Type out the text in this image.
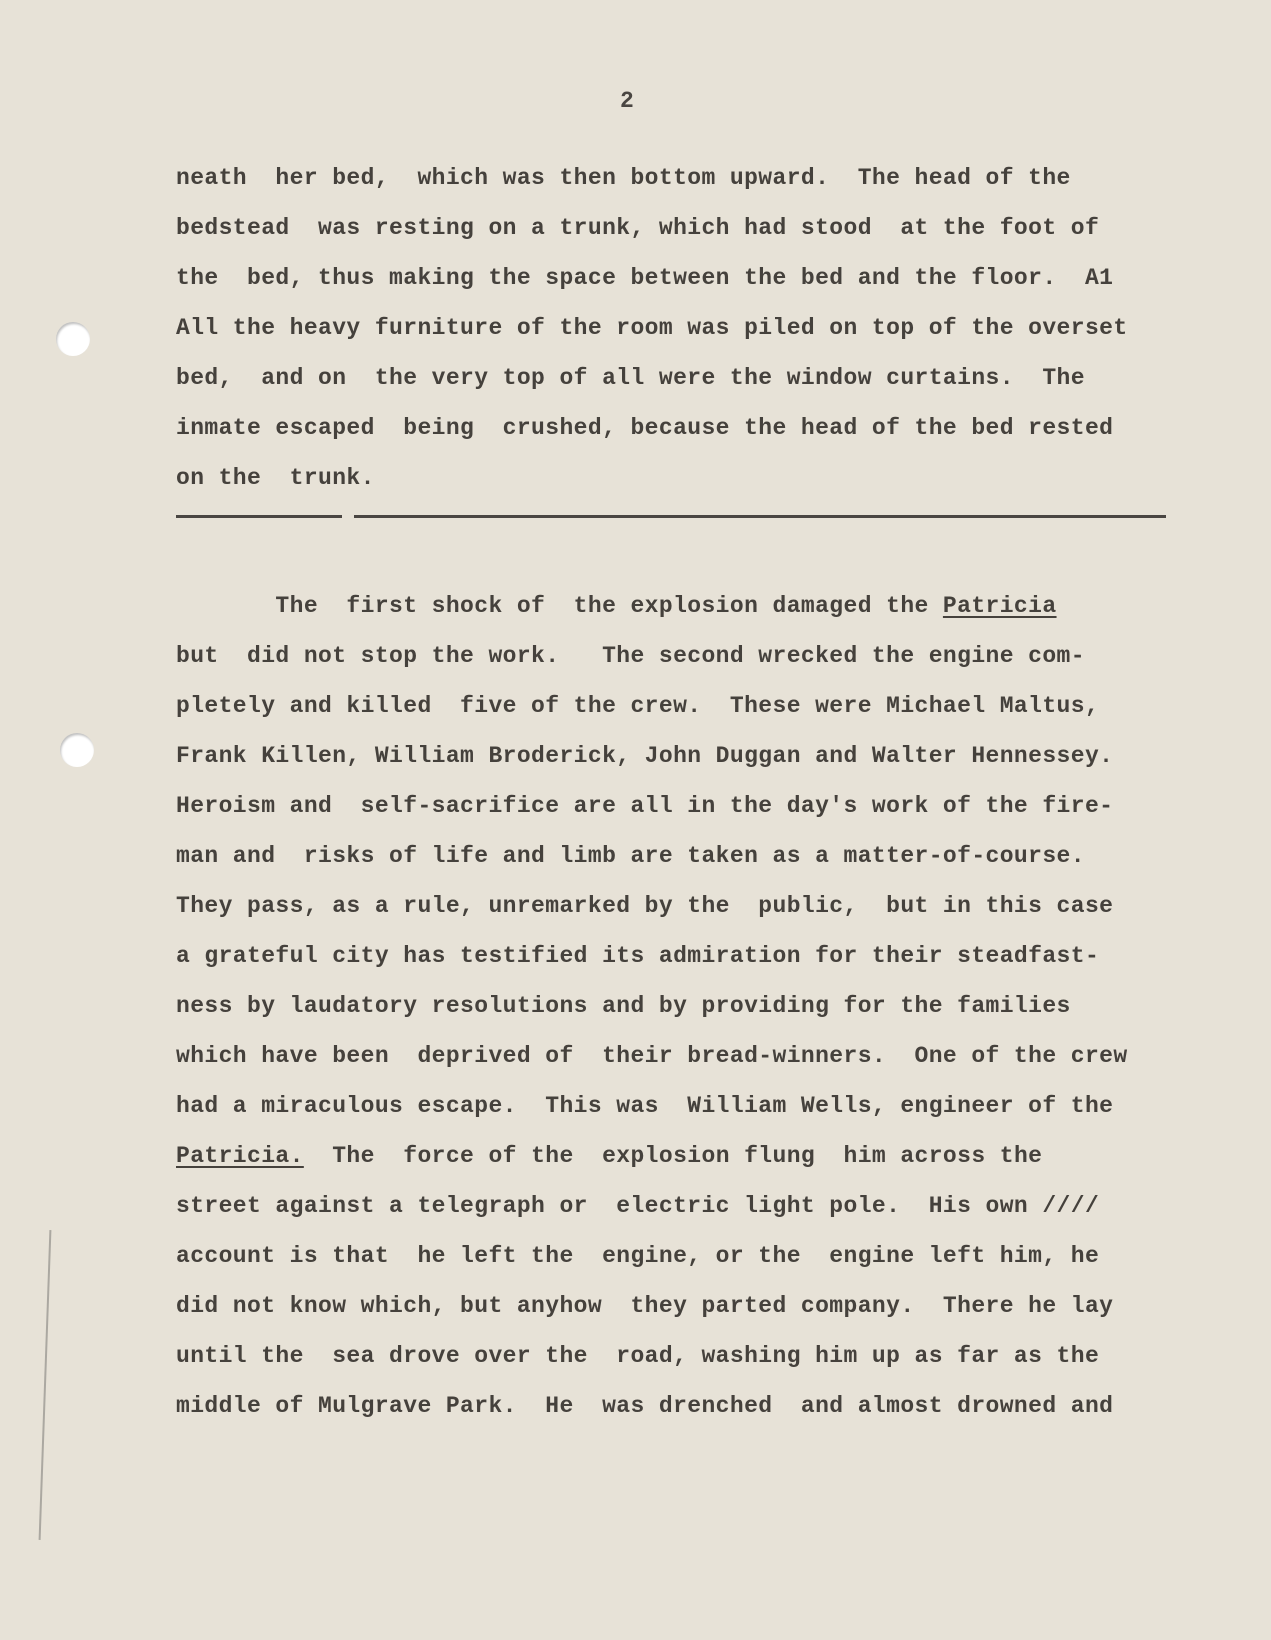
2
neath  her bed,  which was then bottom upward.  The head of the
bedstead  was resting on a trunk, which had stood  at the foot of
the  bed, thus making the space between the bed and the floor.  A1
All the heavy furniture of the room was piled on top of the overset
bed,  and on  the very top of all were the window curtains.  The
inmate escaped  being  crushed, because the head of the bed rested
on the  trunk.
The  first shock of  the explosion damaged the Patricia
but  did not stop the work.   The second wrecked the engine com-
pletely and killed  five of the crew.  These were Michael Maltus,
Frank Killen, William Broderick, John Duggan and Walter Hennessey.
Heroism and  self-sacrifice are all in the day's work of the fire-
man and  risks of life and limb are taken as a matter-of-course.
They pass, as a rule, unremarked by the  public,  but in this case
a grateful city has testified its admiration for their steadfast-
ness by laudatory resolutions and by providing for the families
which have been  deprived of  their bread-winners.  One of the crew
had a miraculous escape.  This was  William Wells, engineer of the
Patricia.  The  force of the  explosion flung  him across the
street against a telegraph or  electric light pole.  His own ////
account is that  he left the  engine, or the  engine left him, he
did not know which, but anyhow  they parted company.  There he lay
until the  sea drove over the  road, washing him up as far as the
middle of Mulgrave Park.  He  was drenched  and almost drowned and
